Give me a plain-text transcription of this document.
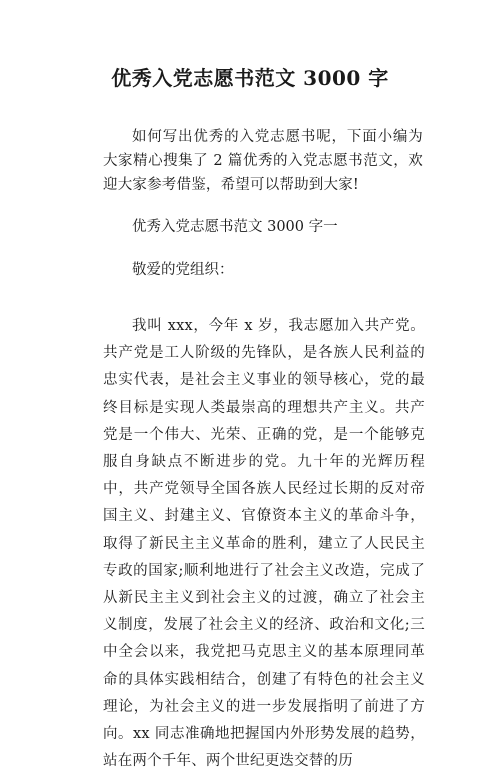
优秀入党志愿书范文 3000 字
如何写出优秀的入党志愿书呢，下面小编为大家精心搜集了 2 篇优秀的入党志愿书范文，欢迎大家参考借鉴，希望可以帮助到大家!
优秀入党志愿书范文 3000 字一
敬爱的党组织：
我叫 xxx，今年 x 岁，我志愿加入共产党。共产党是工人阶级的先锋队，是各族人民利益的忠实代表，是社会主义事业的领导核心，党的最终目标是实现人类最崇高的理想共产主义。共产党是一个伟大、光荣、正确的党，是一个能够克服自身缺点不断进步的党。九十年的光辉历程中，共产党领导全国各族人民经过长期的反对帝国主义、封建主义、官僚资本主义的革命斗争，取得了新民主主义革命的胜利，建立了人民民主专政的国家;顺利地进行了社会主义改造，完成了从新民主主义到社会主义的过渡，确立了社会主义制度，发展了社会主义的经济、政治和文化;三中全会以来，我党把马克思主义的基本原理同革命的具体实践相结合，创建了有特色的社会主义理论，为社会主义的进一步发展指明了前进了方向。xx 同志准确地把握国内外形势发展的趋势，站在两个千年、两个世纪更迭交替的历
